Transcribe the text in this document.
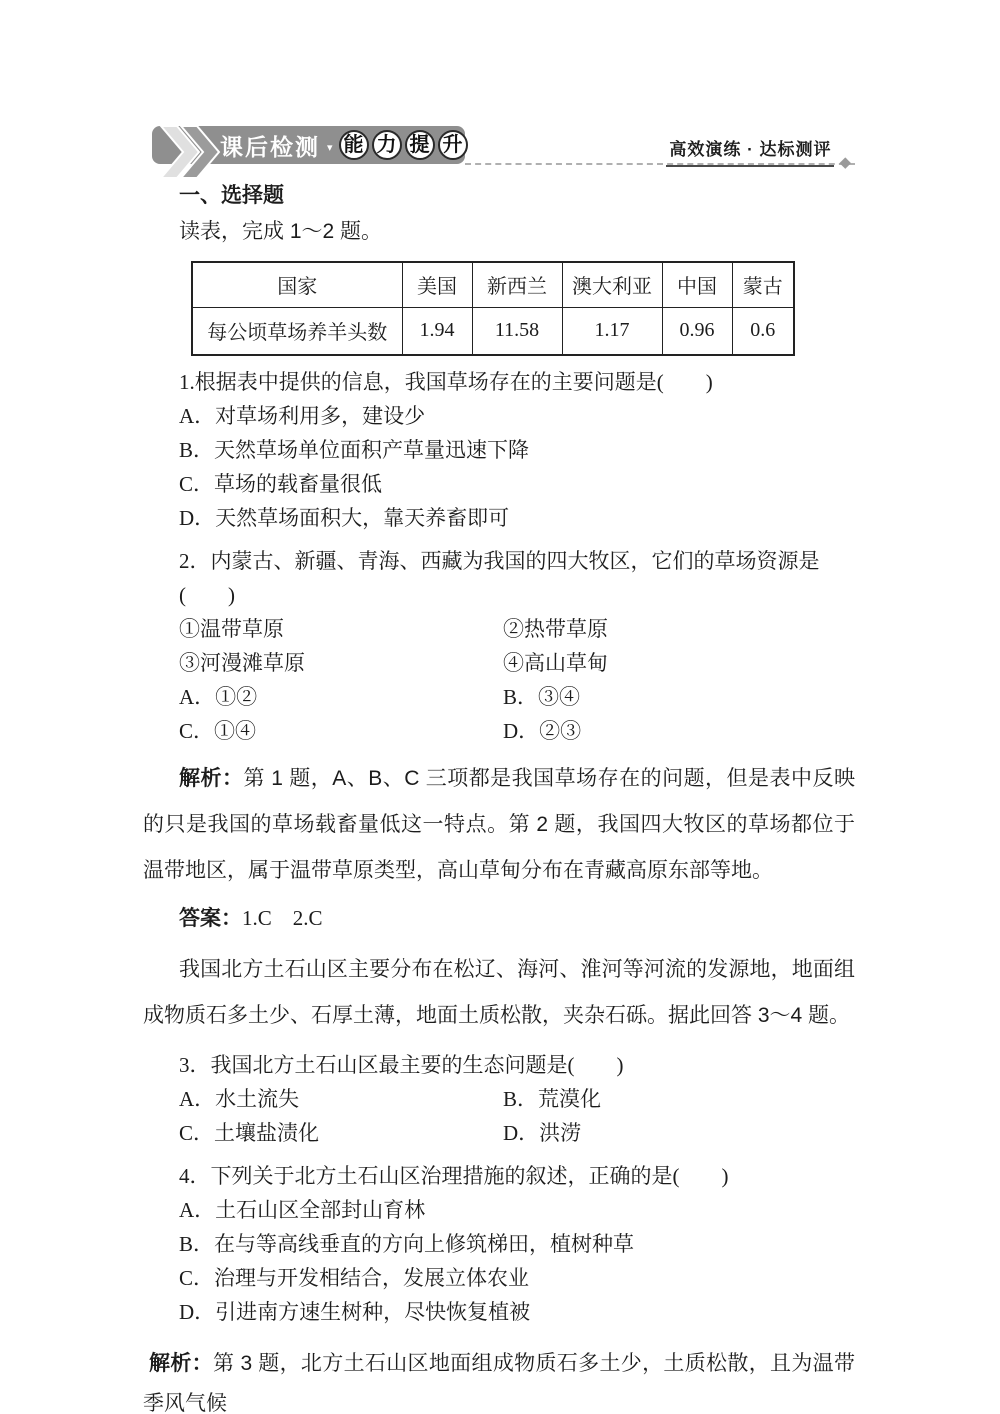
课后检测 ▾ 能 力 提 升	高效演练 · 达标测评
◆
一、选择题
读表，完成 1～2 题。
国家	美国	新西兰	澳大利亚	中国	蒙古
每公顷草场养羊头数	1.94	11.58	1.17	0.96	0.6
1.根据表中提供的信息，我国草场存在的主要问题是(　　)
A．对草场利用多，建设少
B．天然草场单位面积产草量迅速下降
C．草场的载畜量很低
D．天然草场面积大，靠天养畜即可
2．内蒙古、新疆、青海、西藏为我国的四大牧区，它们的草场资源是(　　)
①温带草原	②热带草原
③河漫滩草原	④高山草甸
A．①②	B．③④
C．①④	D．②③
解析：第 1 题，A、B、C 三项都是我国草场存在的问题，但是表中反映的只是我国的草场载畜量低这一特点。第 2 题，我国四大牧区的草场都位于温带地区，属于温带草原类型，高山草甸分布在青藏高原东部等地。
答案：1.C　2.C
我国北方土石山区主要分布在松辽、海河、淮河等河流的发源地，地面组成物质石多土少、石厚土薄，地面土质松散，夹杂石砾。据此回答 3～4 题。
3．我国北方土石山区最主要的生态问题是(　　)
A．水土流失	B．荒漠化
C．土壤盐渍化	D．洪涝
4．下列关于北方土石山区治理措施的叙述，正确的是(　　)
A．土石山区全部封山育林
B．在与等高线垂直的方向上修筑梯田，植树种草
C．治理与开发相结合，发展立体农业
D．引进南方速生树种，尽快恢复植被
解析：第 3 题，北方土石山区地面组成物质石多土少，土质松散，且为温带季风气候
